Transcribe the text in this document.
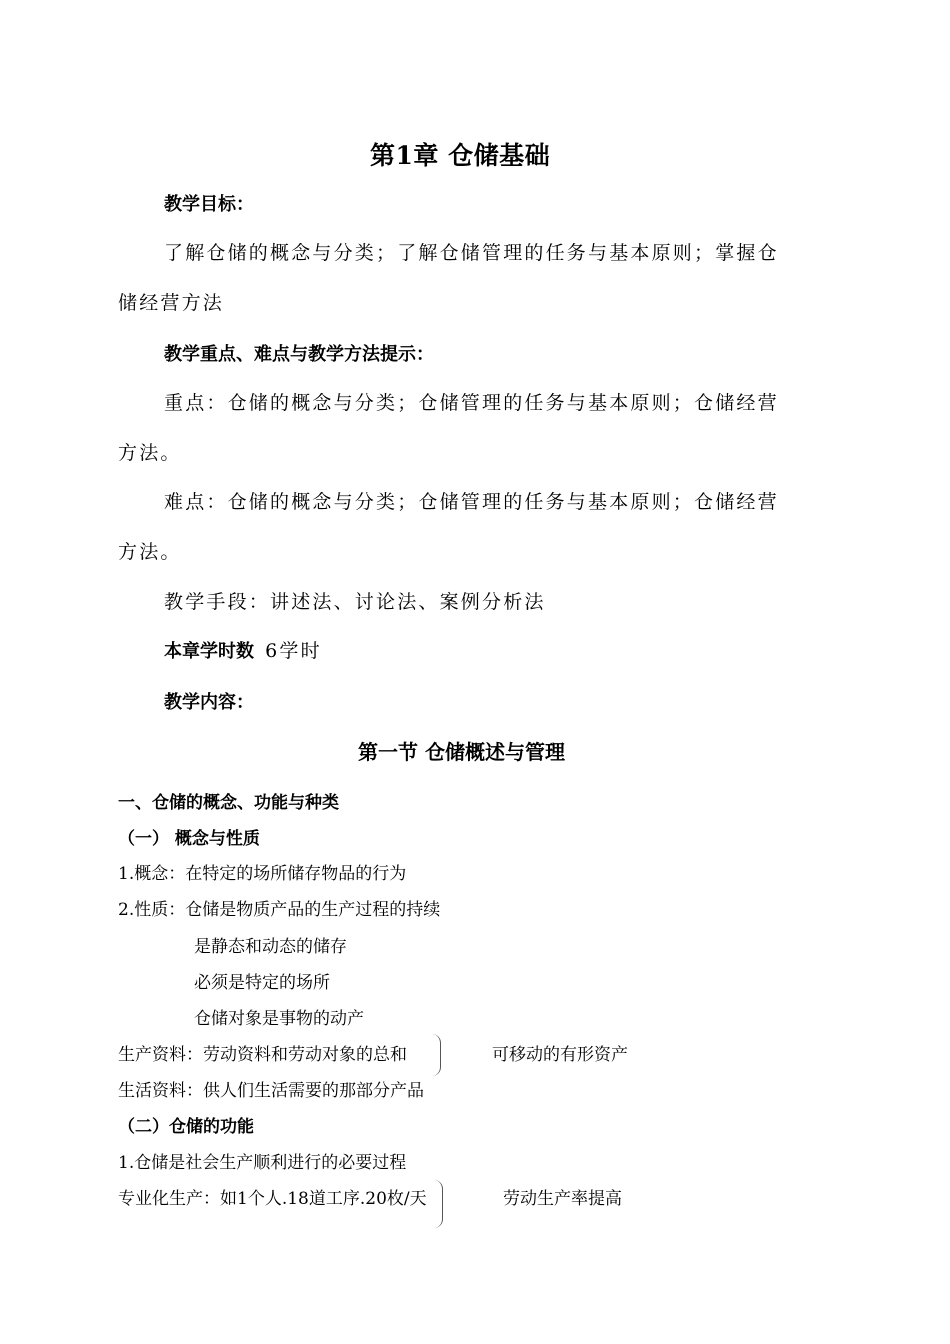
第1章 仓储基础
教学目标：
了解仓储的概念与分类；了解仓储管理的任务与基本原则；掌握仓
储经营方法
教学重点、难点与教学方法提示：
重点：仓储的概念与分类；仓储管理的任务与基本原则；仓储经营
方法。
难点：仓储的概念与分类；仓储管理的任务与基本原则；仓储经营
方法。
教学手段：讲述法、讨论法、案例分析法
本章学时数 6学时
教学内容：
第一节 仓储概述与管理
一、仓储的概念、功能与种类
（一） 概念与性质
1.概念：在特定的场所储存物品的行为
2.性质：仓储是物质产品的生产过程的持续
是静态和动态的储存
必须是特定的场所
仓储对象是事物的动产
生产资料：劳动资料和劳动对象的总和	可移动的有形资产
生活资料：供人们生活需要的那部分产品
（二）仓储的功能
1.仓储是社会生产顺利进行的必要过程
专业化生产：如1个人.18道工序.20枚/天	劳动生产率提高
